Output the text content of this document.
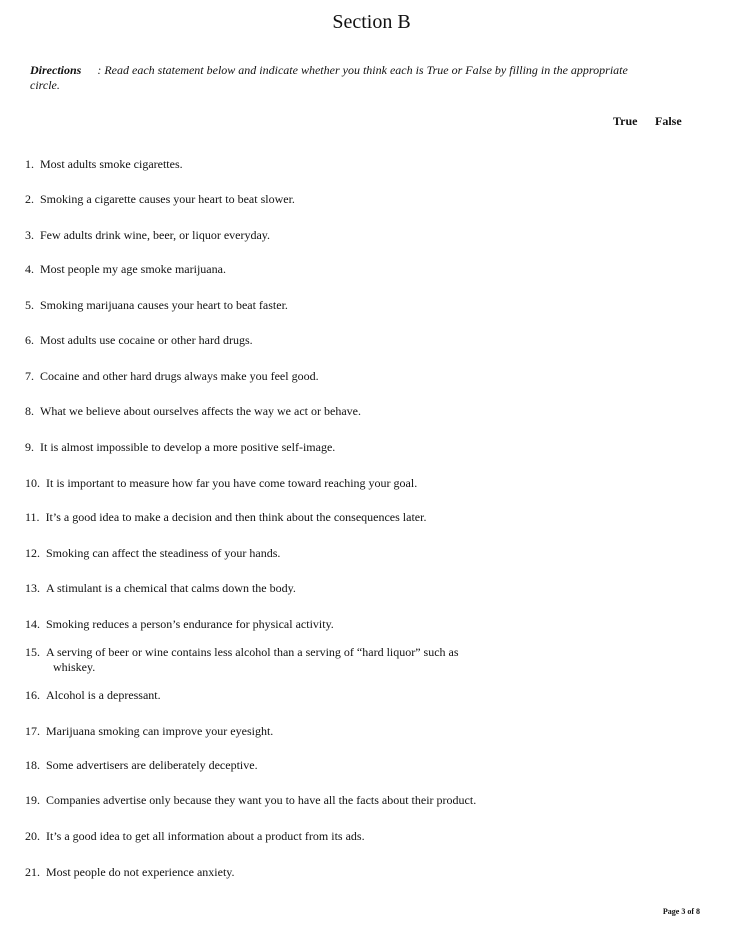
Section B
Directions : Read each statement below and indicate whether you think each is True or False by filling in the appropriate circle.
True False
1. Most adults smoke cigarettes.
2. Smoking a cigarette causes your heart to beat slower.
3. Few adults drink wine, beer, or liquor everyday.
4. Most people my age smoke marijuana.
5. Smoking marijuana causes your heart to beat faster.
6. Most adults use cocaine or other hard drugs.
7. Cocaine and other hard drugs always make you feel good.
8. What we believe about ourselves affects the way we act or behave.
9. It is almost impossible to develop a more positive self-image.
10. It is important to measure how far you have come toward reaching your goal.
11. It’s a good idea to make a decision and then think about the consequences later.
12. Smoking can affect the steadiness of your hands.
13. A stimulant is a chemical that calms down the body.
14. Smoking reduces a person’s endurance for physical activity.
15. A serving of beer or wine contains less alcohol than a serving of “hard liquor” such as
whiskey.
16. Alcohol is a depressant.
17. Marijuana smoking can improve your eyesight.
18. Some advertisers are deliberately deceptive.
19. Companies advertise only because they want you to have all the facts about their product.
20. It’s a good idea to get all information about a product from its ads.
21. Most people do not experience anxiety.
Page 3 of 8
